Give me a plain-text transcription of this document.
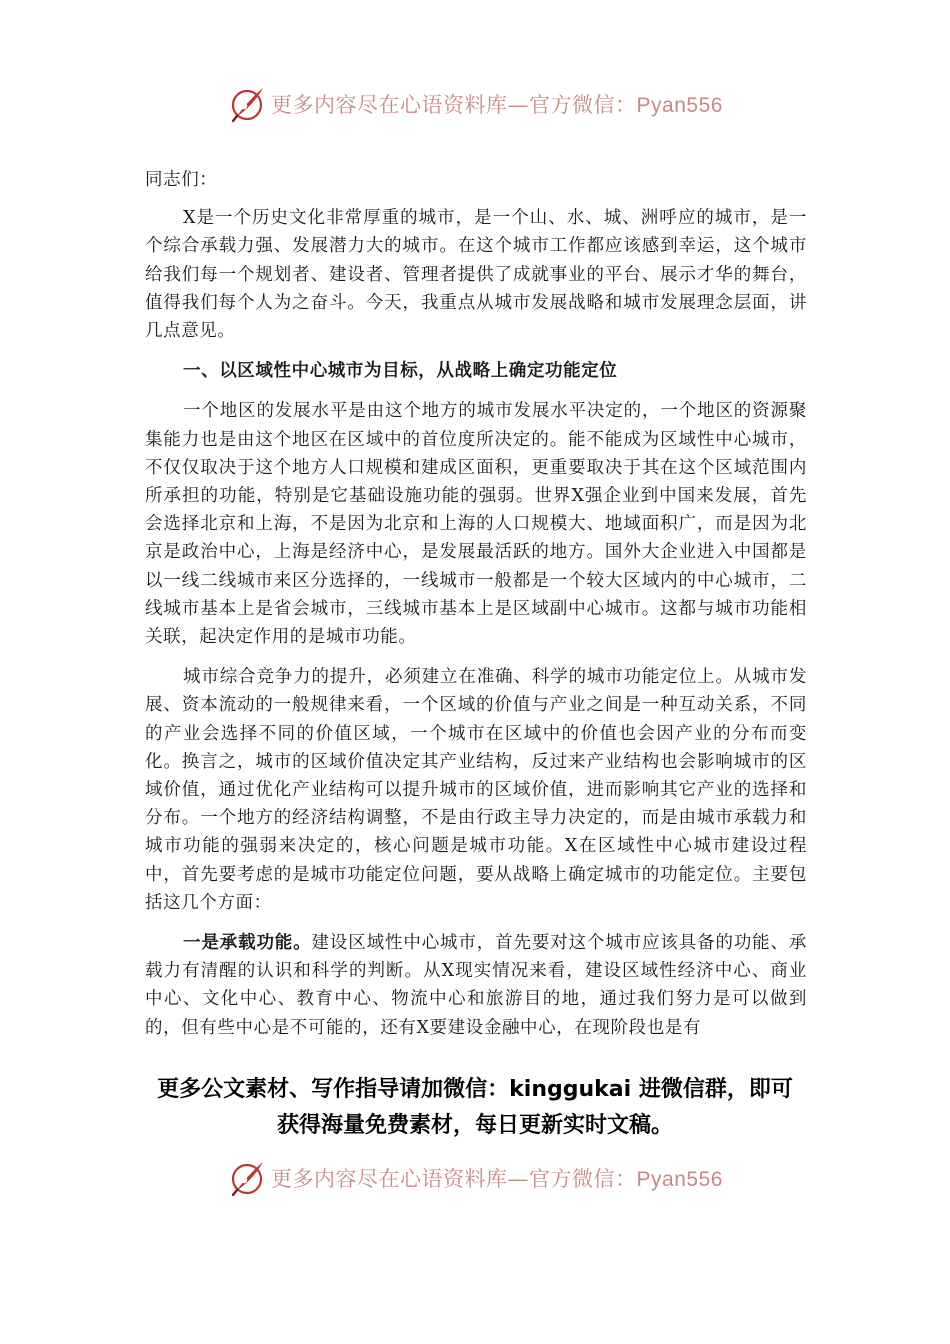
更多内容尽在心语资料库—官方微信：Pyan556

同志们：

X是一个历史文化非常厚重的城市，是一个山、水、城、洲呼应的城市，是一个综合承载力强、发展潜力大的城市。在这个城市工作都应该感到幸运，这个城市给我们每一个规划者、建设者、管理者提供了成就事业的平台、展示才华的舞台，值得我们每个人为之奋斗。今天，我重点从城市发展战略和城市发展理念层面，讲几点意见。

一、以区域性中心城市为目标，从战略上确定功能定位

一个地区的发展水平是由这个地方的城市发展水平决定的，一个地区的资源聚集能力也是由这个地区在区域中的首位度所决定的。能不能成为区域性中心城市，不仅仅取决于这个地方人口规模和建成区面积，更重要取决于其在这个区域范围内所承担的功能，特别是它基础设施功能的强弱。世界X强企业到中国来发展，首先会选择北京和上海，不是因为北京和上海的人口规模大、地域面积广，而是因为北京是政治中心，上海是经济中心，是发展最活跃的地方。国外大企业进入中国都是以一线二线城市来区分选择的，一线城市一般都是一个较大区域内的中心城市，二线城市基本上是省会城市，三线城市基本上是区域副中心城市。这都与城市功能相关联，起决定作用的是城市功能。

城市综合竞争力的提升，必须建立在准确、科学的城市功能定位上。从城市发展、资本流动的一般规律来看，一个区域的价值与产业之间是一种互动关系，不同的产业会选择不同的价值区域，一个城市在区域中的价值也会因产业的分布而变化。换言之，城市的区域价值决定其产业结构，反过来产业结构也会影响城市的区域价值，通过优化产业结构可以提升城市的区域价值，进而影响其它产业的选择和分布。一个地方的经济结构调整，不是由行政主导力决定的，而是由城市承载力和城市功能的强弱来决定的，核心问题是城市功能。X在区域性中心城市建设过程中，首先要考虑的是城市功能定位问题，要从战略上确定城市的功能定位。主要包括这几个方面：

一是承载功能。建设区域性中心城市，首先要对这个城市应该具备的功能、承载力有清醒的认识和科学的判断。从X现实情况来看，建设区域性经济中心、商业中心、文化中心、教育中心、物流中心和旅游目的地，通过我们努力是可以做到的，但有些中心是不可能的，还有X要建设金融中心，在现阶段也是有

更多公文素材、写作指导请加微信：kinggukai 进微信群，即可
获得海量免费素材，每日更新实时文稿。
更多内容尽在心语资料库—官方微信：Pyan556
